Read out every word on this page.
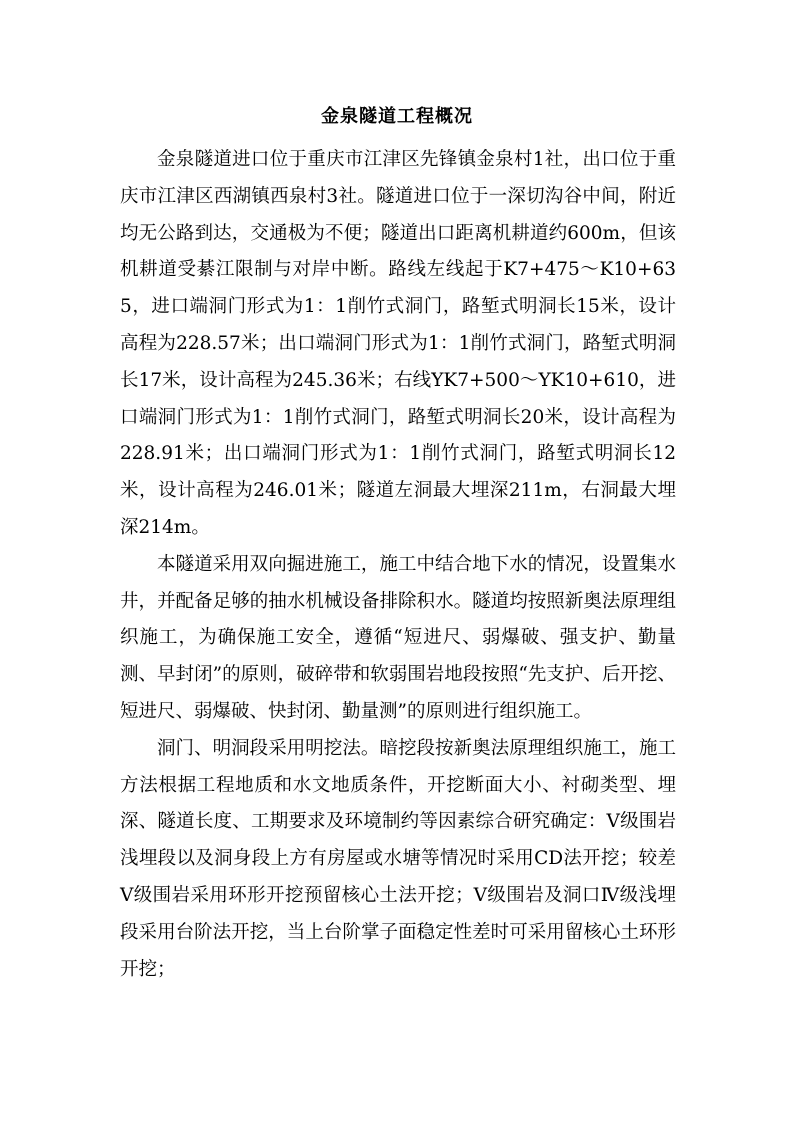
金泉隧道工程概况

金泉隧道进口位于重庆市江津区先锋镇金泉村1社，出口位于重庆市江津区西湖镇西泉村3社。隧道进口位于一深切沟谷中间，附近均无公路到达，交通极为不便；隧道出口距离机耕道约600m，但该机耕道受綦江限制与对岸中断。路线左线起于K7+475～K10+635，进口端洞门形式为1：1削竹式洞门，路堑式明洞长15米，设计高程为228.57米；出口端洞门形式为1：1削竹式洞门，路堑式明洞长17米，设计高程为245.36米；右线YK7+500～YK10+610，进口端洞门形式为1：1削竹式洞门，路堑式明洞长20米，设计高程为228.91米；出口端洞门形式为1：1削竹式洞门，路堑式明洞长12米，设计高程为246.01米；隧道左洞最大埋深211m，右洞最大埋深214m。

本隧道采用双向掘进施工，施工中结合地下水的情况，设置集水井，并配备足够的抽水机械设备排除积水。隧道均按照新奥法原理组织施工，为确保施工安全，遵循“短进尺、弱爆破、强支护、勤量测、早封闭”的原则，破碎带和软弱围岩地段按照“先支护、后开挖、短进尺、弱爆破、快封闭、勤量测”的原则进行组织施工。

洞门、明洞段采用明挖法。暗挖段按新奥法原理组织施工，施工方法根据工程地质和水文地质条件，开挖断面大小、衬砌类型、埋深、隧道长度、工期要求及环境制约等因素综合研究确定：V级围岩浅埋段以及洞身段上方有房屋或水塘等情况时采用CD法开挖；较差V级围岩采用环形开挖预留核心土法开挖；V级围岩及洞口Ⅳ级浅埋段采用台阶法开挖，当上台阶掌子面稳定性差时可采用留核心土环形开挖；
